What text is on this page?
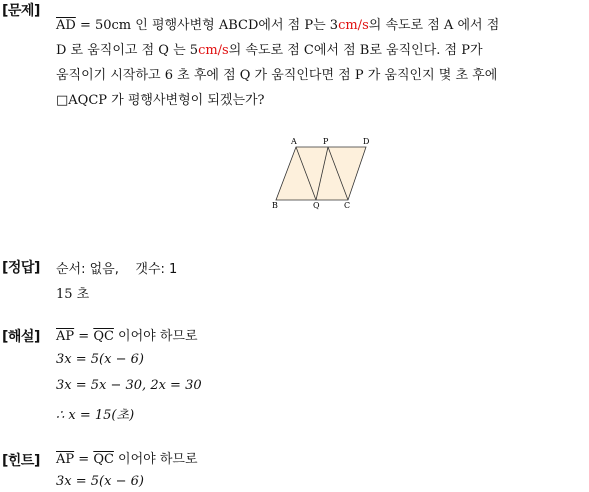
[문제]
$\overline{AD} = 50cm$ 인 평행사변형 ABCD에서 점 P는 3cm/s의 속도로 점 A 에서 점
D 로 움직이고 점 Q 는 5cm/s의 속도로 점 C에서 점 B로 움직인다. 점 P가
움직이기 시작하고 6 초 후에 점 Q 가 움직인다면 점 P 가 움직인지 몇 초 후에
□AQCP 가 평행사변형이 되겠는가?
A	P	D
B	Q	C
[정답] 순서: 없음,    갯수: 1
15 초
[해설] $\overline{AP} = \overline{QC}$ 이어야 하므로
3x = 5(x − 6)
3x = 5x − 30, 2x = 30
∴ x = 15(초)
[힌트] $\overline{AP} = \overline{QC}$ 이어야 하므로
3x = 5(x − 6)
